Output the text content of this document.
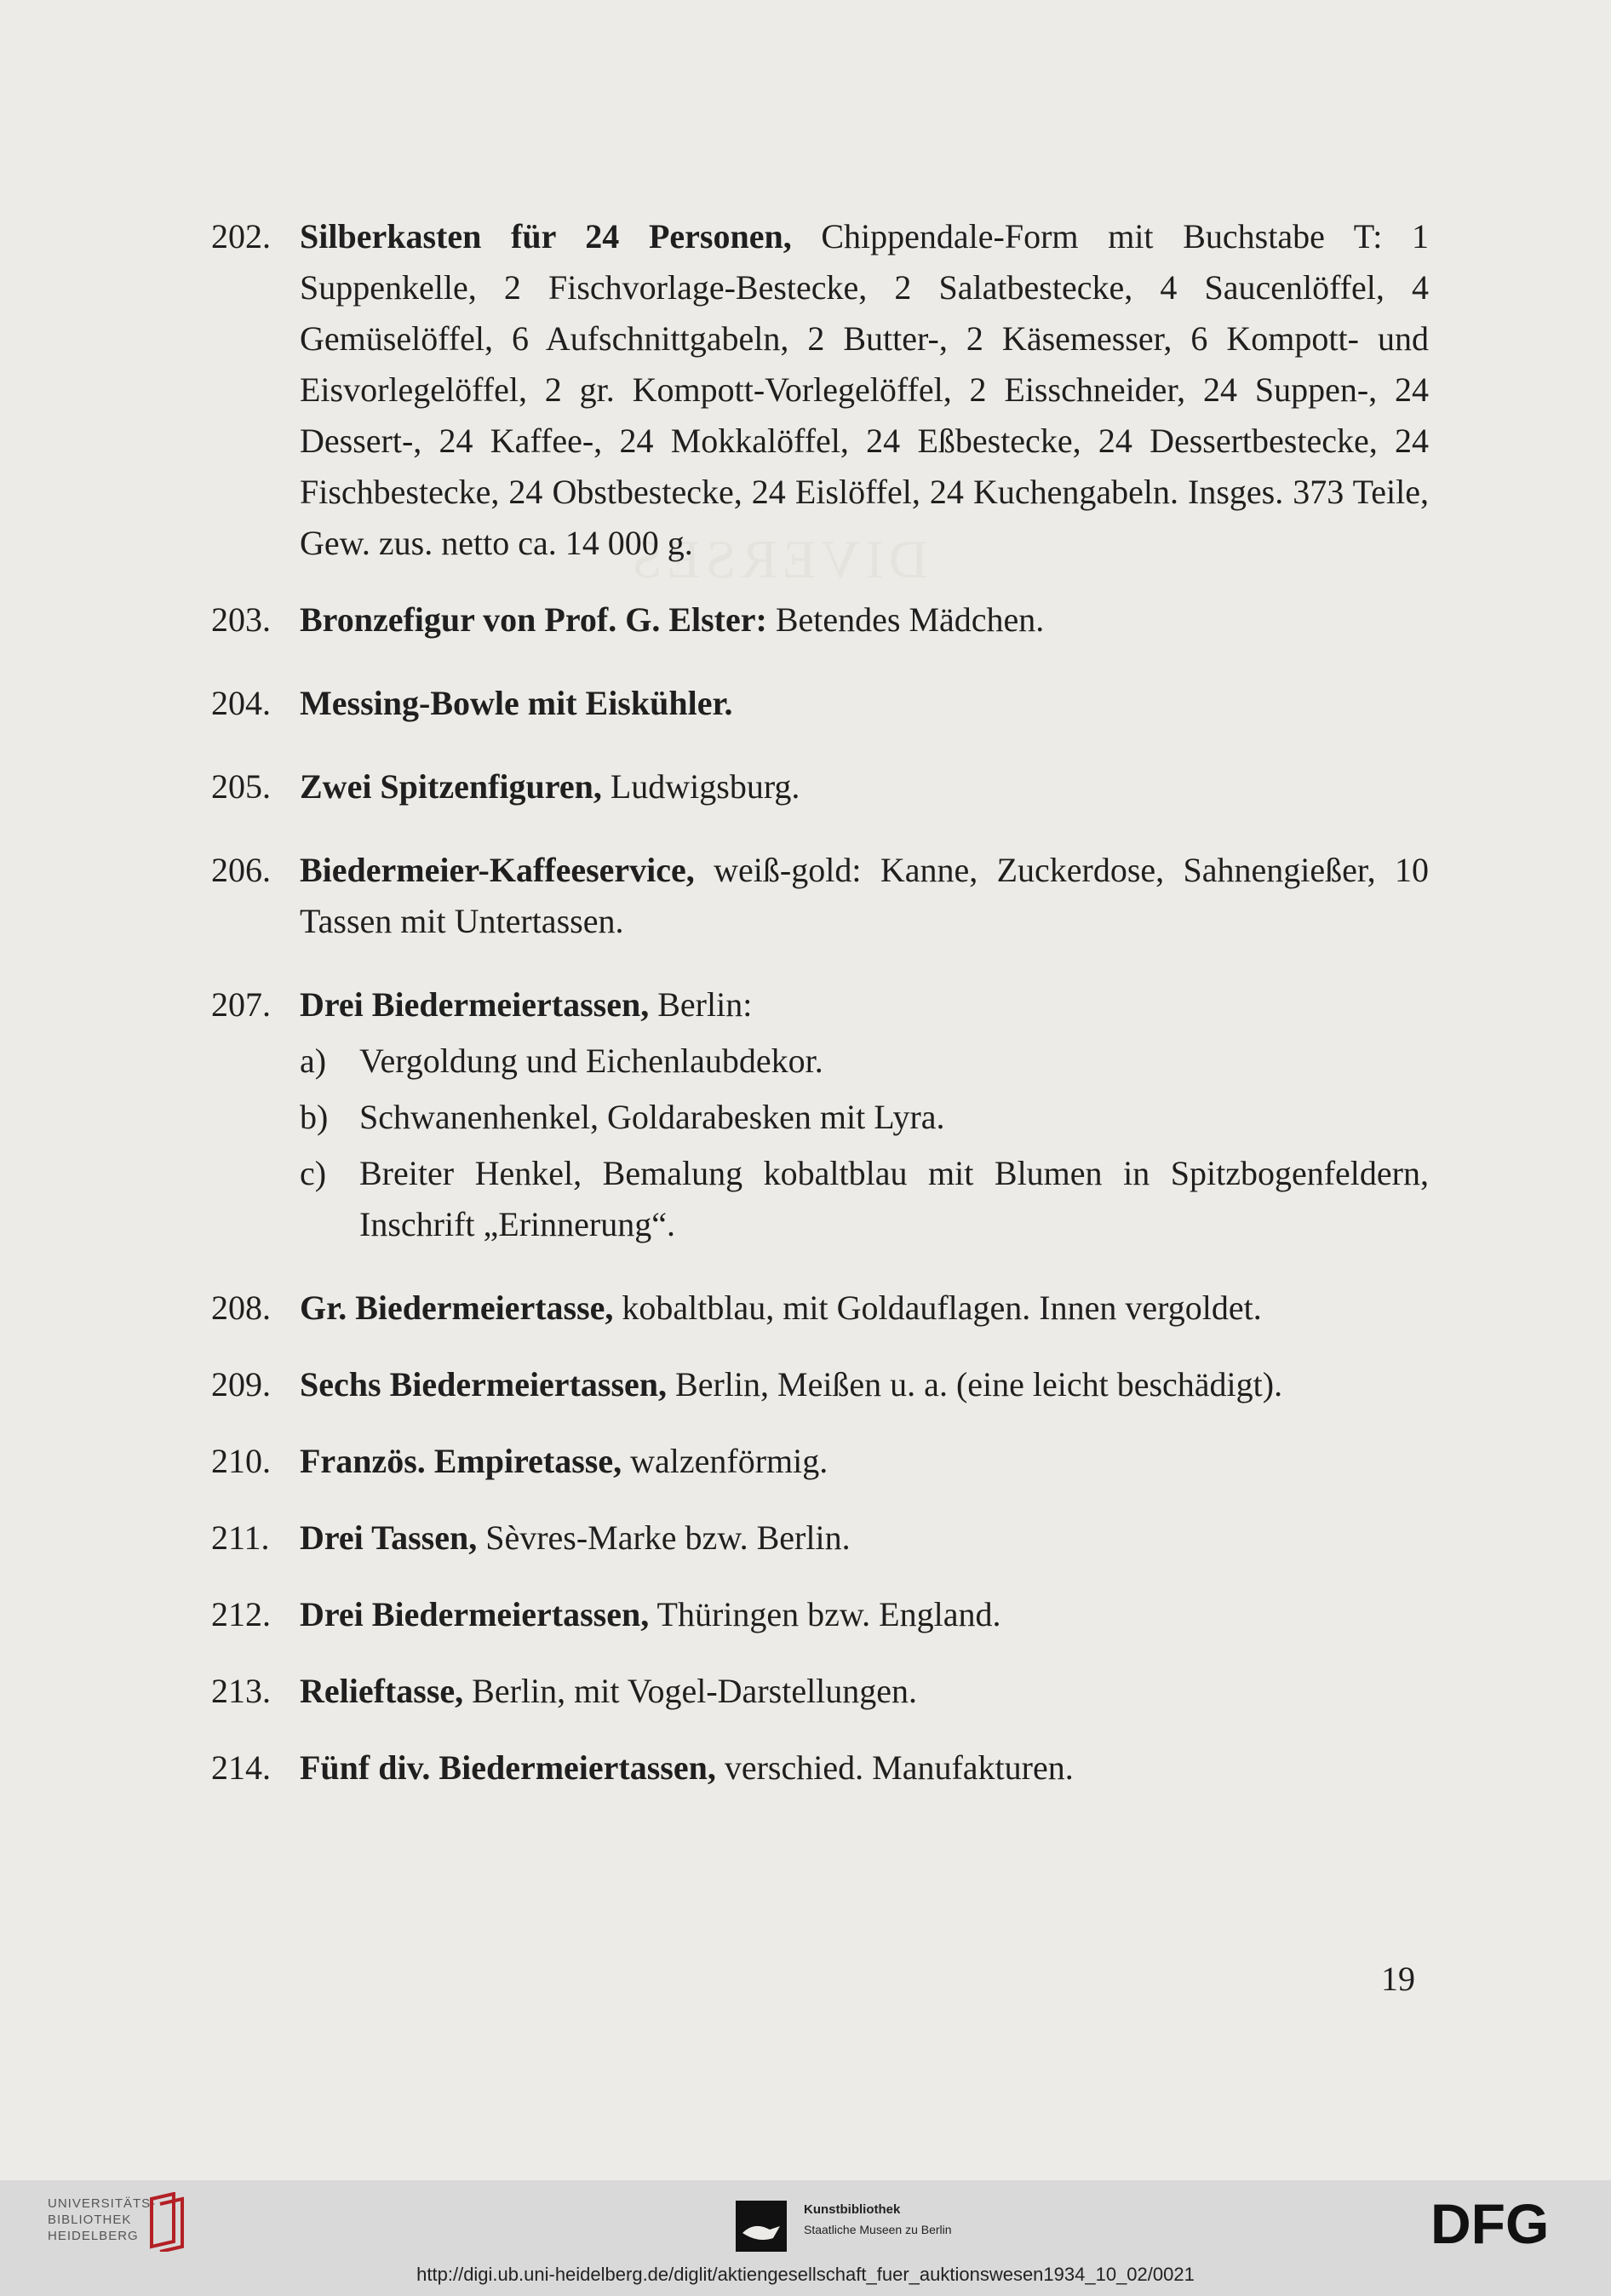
DIVERSES
202. Silberkasten für 24 Personen, Chippendale-Form mit Buchstabe T: 1 Suppenkelle, 2 Fischvorlage-Bestecke, 2 Salatbestecke, 4 Saucenlöffel, 4 Gemüselöffel, 6 Aufschnittgabeln, 2 Butter-, 2 Käsemesser, 6 Kompott- und Eisvorlegelöffel, 2 gr. Kompott-Vorlegelöffel, 2 Eisschneider, 24 Suppen-, 24 Dessert-, 24 Kaffee-, 24 Mokkalöffel, 24 Eßbestecke, 24 Dessertbestecke, 24 Fischbestecke, 24 Obstbestecke, 24 Eislöffel, 24 Kuchengabeln. Insges. 373 Teile, Gew. zus. netto ca. 14 000 g.
203. Bronzefigur von Prof. G. Elster: Betendes Mädchen.
204. Messing-Bowle mit Eiskühler.
205. Zwei Spitzenfiguren, Ludwigsburg.
206. Biedermeier-Kaffeeservice, weiß-gold: Kanne, Zuckerdose, Sahnengießer, 10 Tassen mit Untertassen.
207. Drei Biedermeiertassen, Berlin:
a) Vergoldung und Eichenlaubdekor.
b) Schwanenhenkel, Goldarabesken mit Lyra.
c) Breiter Henkel, Bemalung kobaltblau mit Blumen in Spitzbogenfeldern, Inschrift „Erinnerung“.
208. Gr. Biedermeiertasse, kobaltblau, mit Goldauflagen. Innen vergoldet.
209. Sechs Biedermeiertassen, Berlin, Meißen u. a. (eine leicht beschädigt).
210. Französ. Empiretasse, walzenförmig.
211. Drei Tassen, Sèvres-Marke bzw. Berlin.
212. Drei Biedermeiertassen, Thüringen bzw. England.
213. Relieftasse, Berlin, mit Vogel-Darstellungen.
214. Fünf div. Biedermeiertassen, verschied. Manufakturen.
19
UNIVERSITÄTS-
BIBLIOTHEK
HEIDELBERG
Kunstbibliothek
Staatliche Museen zu Berlin	DFG
http://digi.ub.uni-heidelberg.de/diglit/aktiengesellschaft_fuer_auktionswesen1934_10_02/0021
